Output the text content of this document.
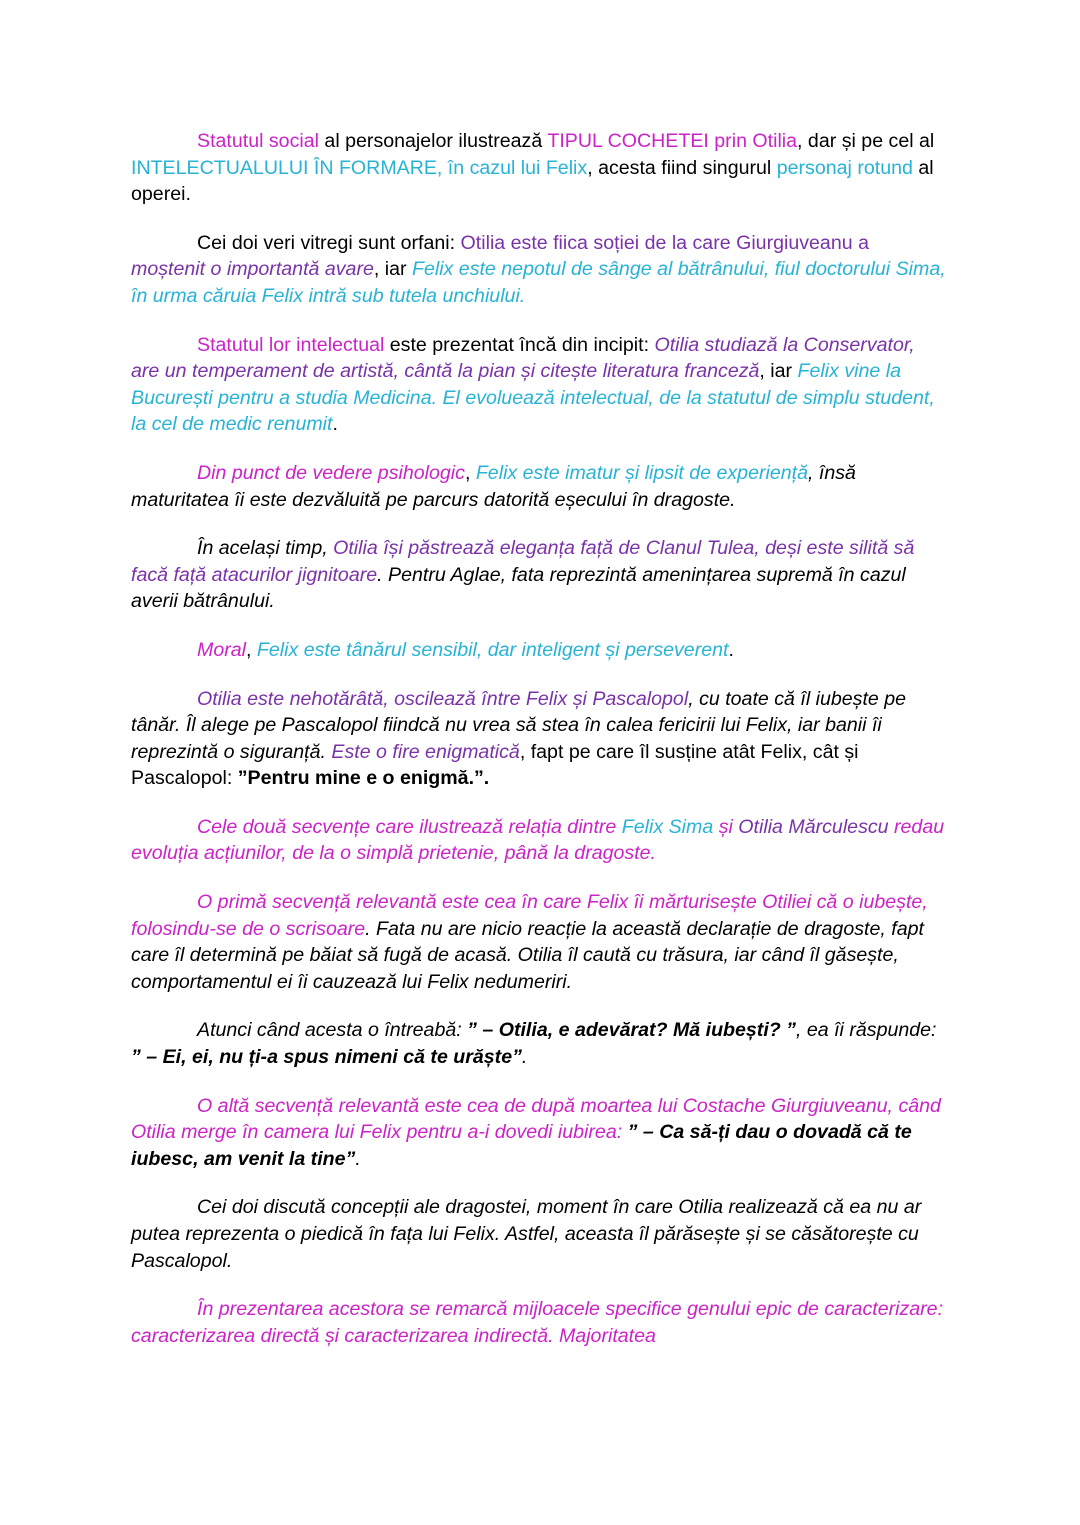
Statutul social al personajelor ilustrează TIPUL COCHETEI prin Otilia, dar și pe cel al INTELECTUALULUI ÎN FORMARE, în cazul lui Felix, acesta fiind singurul personaj rotund al operei.

Cei doi veri vitregi sunt orfani: Otilia este fiica soției de la care Giurgiuveanu a moștenit o importantă avare, iar Felix este nepotul de sânge al bătrânului, fiul doctorului Sima, în urma căruia Felix intră sub tutela unchiului.

Statutul lor intelectual este prezentat încă din incipit: Otilia studiază la Conservator, are un temperament de artistă, cântă la pian și citește literatura franceză, iar Felix vine la București pentru a studia Medicina. El evoluează intelectual, de la statutul de simplu student, la cel de medic renumit.

Din punct de vedere psihologic, Felix este imatur și lipsit de experiență, însă maturitatea îi este dezvăluită pe parcurs datorită eșecului în dragoste.

În același timp, Otilia își păstrează eleganța față de Clanul Tulea, deși este silită să facă față atacurilor jignitoare. Pentru Aglae, fata reprezintă amenințarea supremă în cazul averii bătrânului.

Moral, Felix este tânărul sensibil, dar inteligent și perseverent.

Otilia este nehotărâtă, oscilează între Felix și Pascalopol, cu toate că îl iubește pe tânăr. Îl alege pe Pascalopol fiindcă nu vrea să stea în calea fericirii lui Felix, iar banii îi reprezintă o siguranță. Este o fire enigmatică, fapt pe care îl susține atât Felix, cât și Pascalopol: ”Pentru mine e o enigmă.”.

Cele două secvențe care ilustrează relația dintre Felix Sima și Otilia Mărculescu redau evoluția acțiunilor, de la o simplă prietenie, până la dragoste.

O primă secvență relevantă este cea în care Felix îi mărturisește Otiliei că o iubește, folosindu-se de o scrisoare. Fata nu are nicio reacție la această declarație de dragoste, fapt care îl determină pe băiat să fugă de acasă. Otilia îl caută cu trăsura, iar când îl găsește, comportamentul ei îi cauzează lui Felix nedumeriri.

Atunci când acesta o întreabă: ” – Otilia, e adevărat? Mă iubești? ”, ea îi răspunde: ” – Ei, ei, nu ți-a spus nimeni că te urăște”.

O altă secvență relevantă este cea de după moartea lui Costache Giurgiuveanu, când Otilia merge în camera lui Felix pentru a-i dovedi iubirea: ” – Ca să-ți dau o dovadă că te iubesc, am venit la tine”.

Cei doi discută concepții ale dragostei, moment în care Otilia realizează că ea nu ar putea reprezenta o piedică în fața lui Felix. Astfel, aceasta îl părăsește și se căsătorește cu Pascalopol.

În prezentarea acestora se remarcă mijloacele specifice genului epic de caracterizare: caracterizarea directă și caracterizarea indirectă. Majoritatea
